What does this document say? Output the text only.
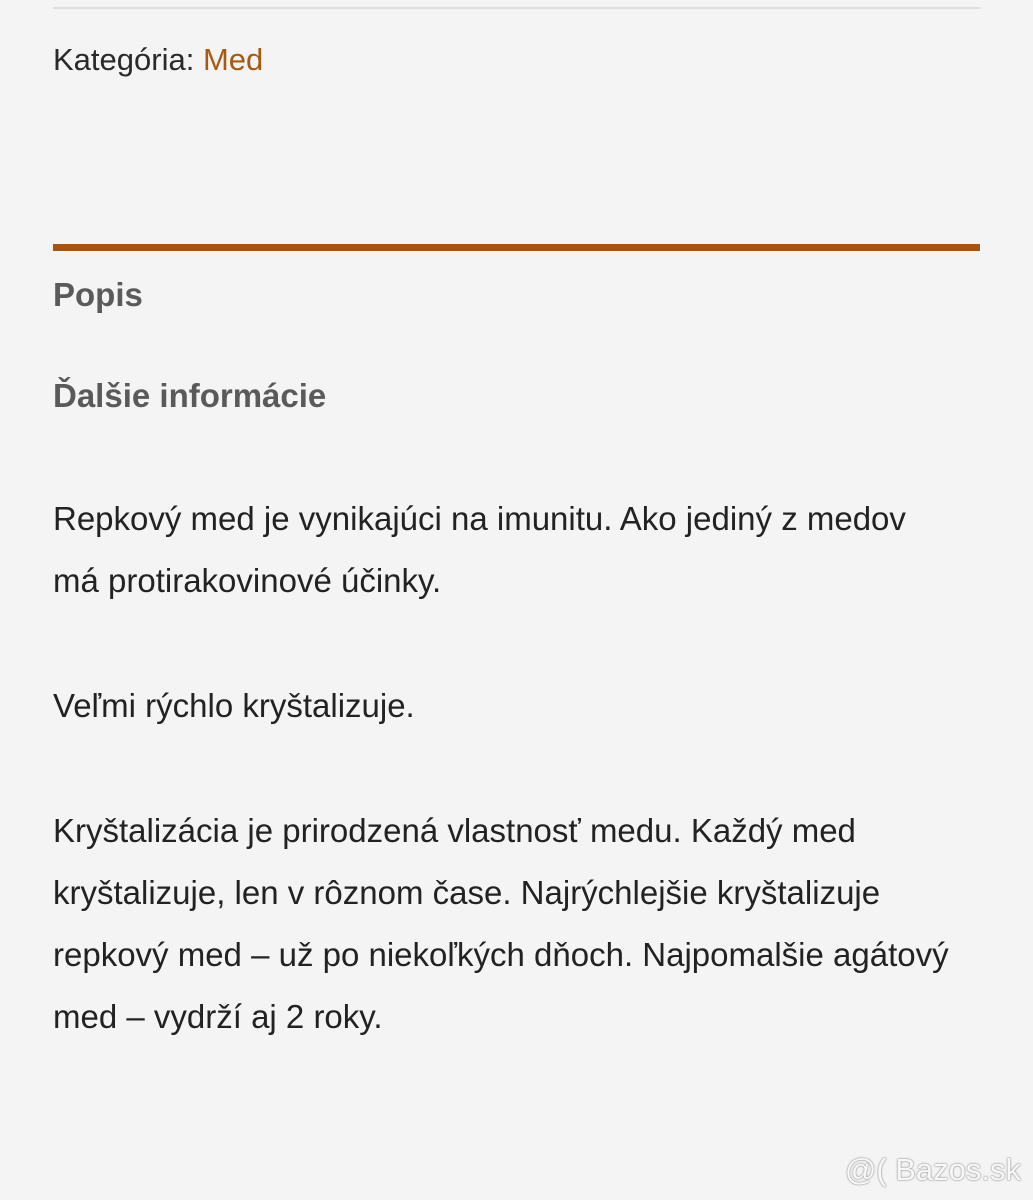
Kategória: Med
Popis
Ďalšie informácie
Repkový med je vynikajúci na imunitu. Ako jediný z medov má protirakovinové účinky.
Veľmi rýchlo kryštalizuje.
Kryštalizácia je prirodzená vlastnosť medu. Každý med kryštalizuje, len v rôznom čase. Najrýchlejšie kryštalizuje repkový med – už po niekoľkých dňoch. Najpomalšie agátový med – vydrží aj 2 roky.
@( Bazos.sk
